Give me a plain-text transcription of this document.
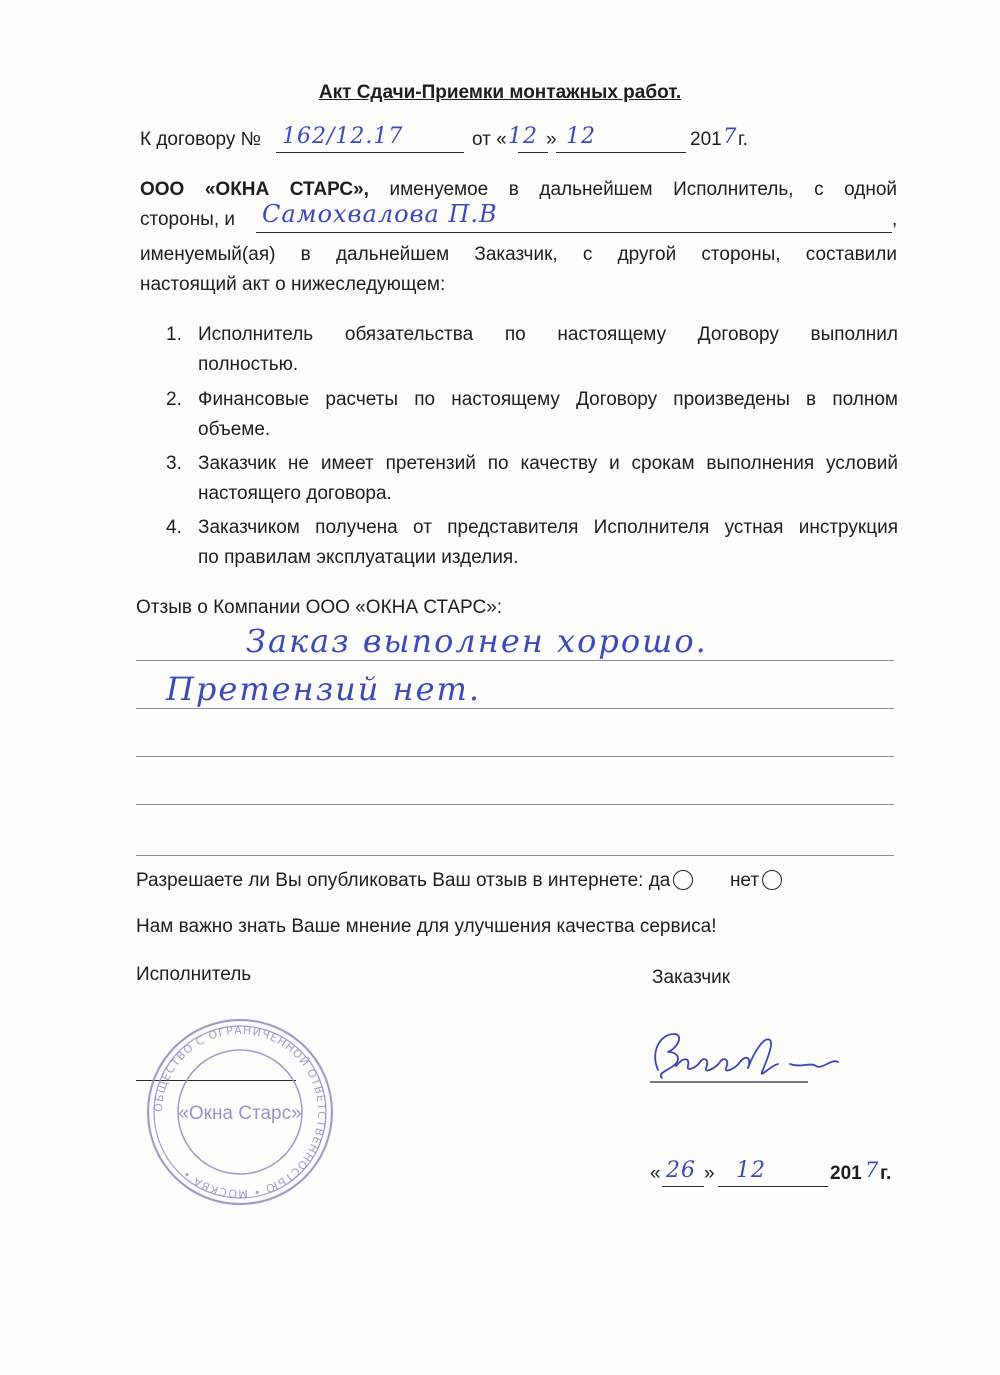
Акт Сдачи-Приемки монтажных работ.
К договору № 162/12.17	от « 12 » 12	201 7 г.
ООО «ОКНА СТАРС», именуемое в дальнейшем Исполнитель, с одной
стороны, и Самохвалова П.В	,
именуемый(ая) в дальнейшем Заказчик, с другой стороны, составили
настоящий акт о нижеследующем:
1. Исполнитель обязательства по настоящему Договору выполнил
полностью.
2. Финансовые расчеты по настоящему Договору произведены в полном
объеме.
3. Заказчик не имеет претензий по качеству и срокам выполнения условий
настоящего договора.
4. Заказчиком получена от представителя Исполнителя устная инструкция
по правилам эксплуатации изделия.
Отзыв о Компании ООО «ОКНА СТАРС»:
Заказ выполнен хорошо.
Претензий нет.
Разрешаете ли Вы опубликовать Ваш отзыв в интернете: да	нет
Нам важно знать Ваше мнение для улучшения качества сервиса!
Исполнитель	Заказчик
ОБЩЕСТВО С ОГРАНИЧЕННОЙ ОТВЕТСТВЕННОСТЬЮ • МОСКВА •
«Окна Старс»
« 26 » 12	201 7 г.
